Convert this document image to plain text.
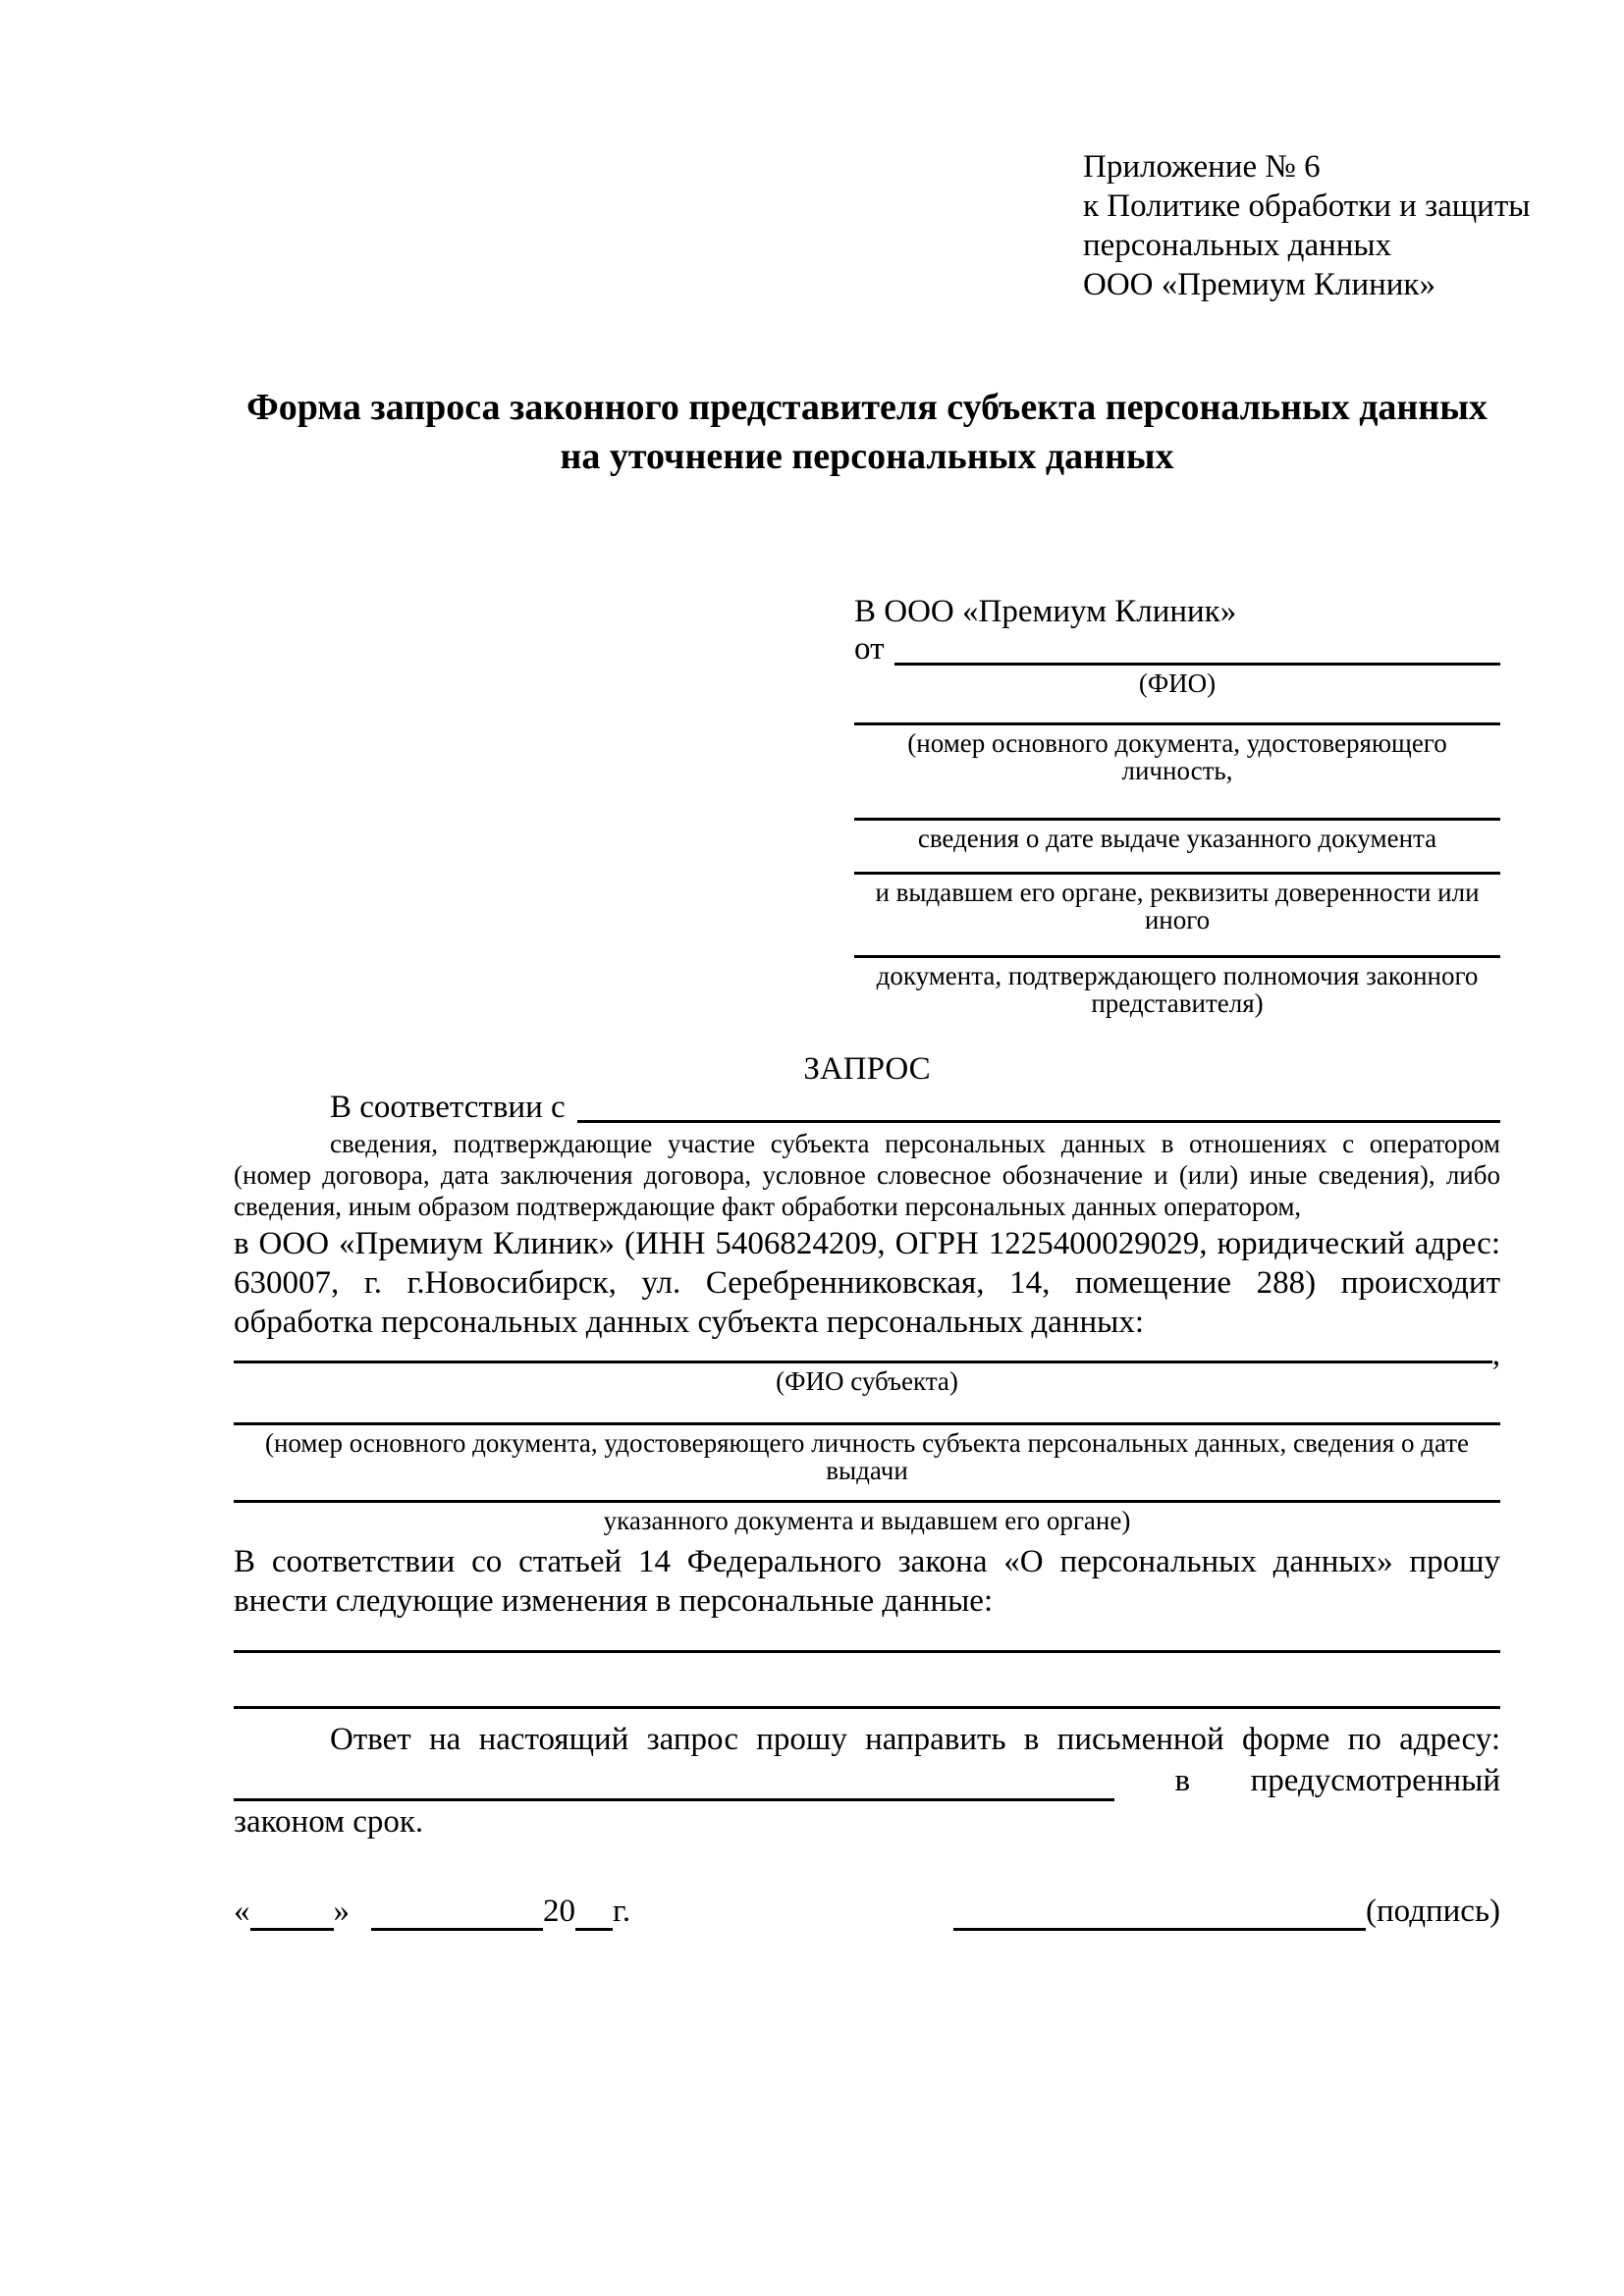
Приложение № 6
к Политике обработки и защиты
персональных данных
ООО «Премиум Клиник»
Форма запроса законного представителя субъекта персональных данных
на уточнение персональных данных
В ООО «Премиум Клиник»
от
(ФИО)
(номер основного документа, удостоверяющего личность,
сведения о дате выдаче указанного документа
и выдавшем его органе, реквизиты доверенности или иного
документа, подтверждающего полномочия законного представителя)
ЗАПРОС
В соответствии с
сведения, подтверждающие участие субъекта персональных данных в отношениях с оператором (номер договора, дата заключения договора, условное словесное обозначение и (или) иные сведения), либо сведения, иным образом подтверждающие факт обработки персональных данных оператором,
в ООО «Премиум Клиник» (ИНН 5406824209, ОГРН 1225400029029, юридический адрес: 630007, г. г.Новосибирск, ул. Серебренниковская, 14, помещение 288) происходит обработка персональных данных субъекта персональных данных:
,
(ФИО субъекта)
(номер основного документа, удостоверяющего личность субъекта персональных данных, сведения о дате выдачи
указанного документа и выдавшем его органе)
В соответствии со статьей 14 Федерального закона «О персональных данных» прошу внести следующие изменения в персональные данные:
Ответ на настоящий запрос прошу направить в письменной форме по адресу:
в предусмотренный
законом срок.
«	»	20 г.	(подпись)
